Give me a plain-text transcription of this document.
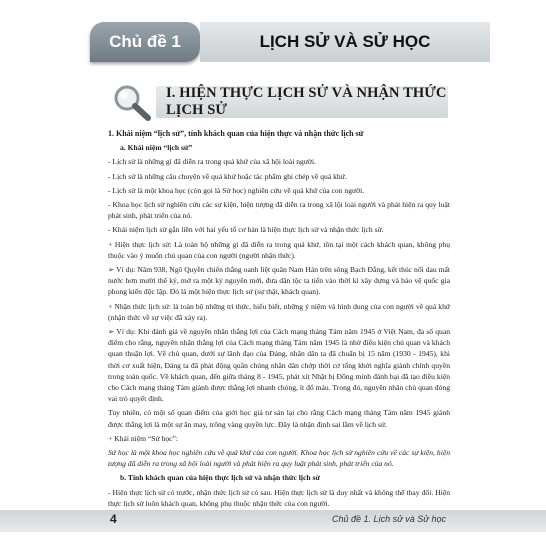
Chủ đề 1	LỊCH SỬ VÀ SỬ HỌC
I. HIỆN THỰC LỊCH SỬ VÀ NHẬN THỨC LỊCH SỬ

1. Khái niệm “lịch sử”, tính khách quan của hiện thực và nhận thức lịch sử

a. Khái niệm “lịch sử”

- Lịch sử là những gì đã diễn ra trong quá khứ của xã hội loài người.

- Lịch sử là những câu chuyện về quá khứ hoặc tác phẩm ghi chép về quá khứ.

- Lịch sử là một khoa học (còn gọi là Sử học) nghiên cứu về quá khứ của con người.

- Khoa học lịch sử nghiên cứu các sự kiện, hiện tượng đã diễn ra trong xã lội loài người và phát hiện ra quy luật phát sinh, phát triển của nó.

- Khái niệm lịch sử gắn liền với hai yếu tố cơ bản là hiện thực lịch sử và nhận thức lịch sử.

+ Hiện thực lịch sử: Là toàn bộ những gì đã diễn ra trong quá khứ, tồn tại một cách khách quan, không phụ thuộc vào ý muốn chủ quan của con người (người nhận thức).

➢ Ví dụ: Năm 938, Ngô Quyền chiến thắng oanh liệt quân Nam Hán trên sông Bạch Đằng, kết thúc nổi dau mất nước hơn mười thế kỷ, mở ra một kỷ nguyên mới, đưa dân tộc ta tiến vào thời kì xây dựng và bảo vệ quốc gia phong kiến độc lập. Đó là một hiện thực lịch sử (sự thật, khách quan).

+ Nhận thức lịch sử: là toàn bộ những tri thức, hiểu biết, những ý niệm và hình dung của con người về quá khứ (nhận thức về sự việc đã xảy ra).

➢ Ví dụ: Khi đánh giá về nguyên nhân thắng lợi của Cách mạng tháng Tám năm 1945 ở Việt Nam, đa số quan điểm cho rằng, nguyên nhân thắng lợi của Cách mạng tháng Tám năm 1945 là nhờ điều kiện chủ quan và khách quan thuận lợi. Về chủ quan, dưới sự lãnh đạo của Đảng, nhân dân ta đã chuẩn bị 15 năm (1930 - 1945), khi thời cơ xuất hiện, Đảng ta đã phát động quần chúng nhân dân chớp thời cơ tổng khởi nghĩa giành chính quyền trong toàn quốc. Về khách quan, đến giữa tháng 8 - 1945, phát xít Nhật bị Đồng minh đánh bại đã tạo điều kiện cho Cách mạng tháng Tám giành được thắng lợi nhanh chóng, ít đổ máu. Trong đó, nguyên nhân chủ quan đóng vai trò quyết định.

Tuy nhiên, có một số quan điểm của giới học giả tư sản lại cho rằng Cách mạng tháng Tám năm 1945 giành được thắng lợi là một sự ăn may, trông vàng quyền lực. Đây là nhận định sai lầm về lịch sử.

+ Khái niệm “Sử học”:

Sử học là một khoa học nghiên cứu về quá khứ của con người. Khoa học lịch sử nghiên cứu về các sự kiện, hiện tượng đã diễn ra trong xã hội loài người và phát hiện ra quy luật phát sinh, phát triển của nó.

b. Tính khách quan của hiện thực lịch sử và nhận thức lịch sử

- Hiện thực lịch sử có trước, nhận thức lịch sử có sau. Hiện thực lịch sử là duy nhất và không thể thay đổi. Hiện thực lịch sử luôn khách quan, không phụ thuộc nhận thức của con người.

4	Chủ đề 1. Lịch sử và Sử học
